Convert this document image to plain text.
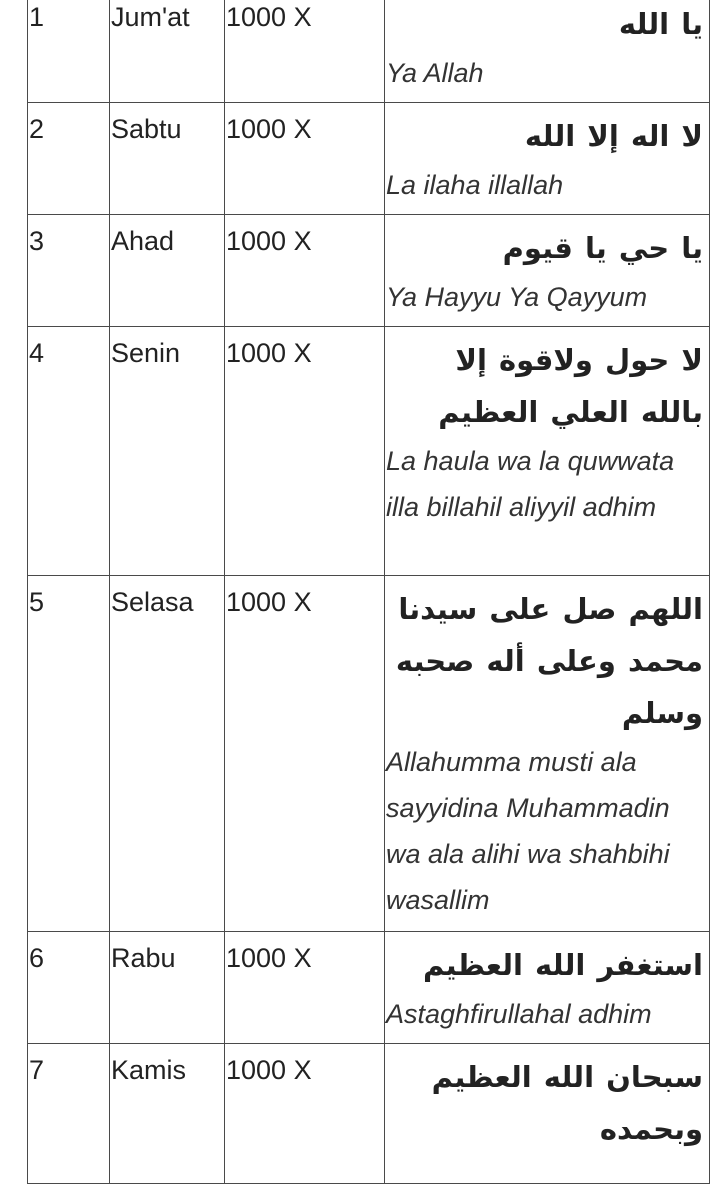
1	Jum'at	1000 X	يا الله
Ya Allah

2	Sabtu	1000 X	لا اله إلا الله
La ilaha illallah

3	Ahad	1000 X	يا حي يا قيوم
Ya Hayyu Ya Qayyum

4	Senin	1000 X	لا حول ولاقوة إلا بالله العلي العظيم
La haula wa la quwwata illa billahil aliyyil adhim

5	Selasa	1000 X	اللهم صل على سيدنا محمد وعلى أله صحبه وسلم
Allahumma musti ala sayyidina Muhammadin wa ala alihi wa shahbihi wasallim

6	Rabu	1000 X	استغفر الله العظيم
Astaghfirullahal adhim

7	Kamis	1000 X	سبحان الله العظيم وبحمده
